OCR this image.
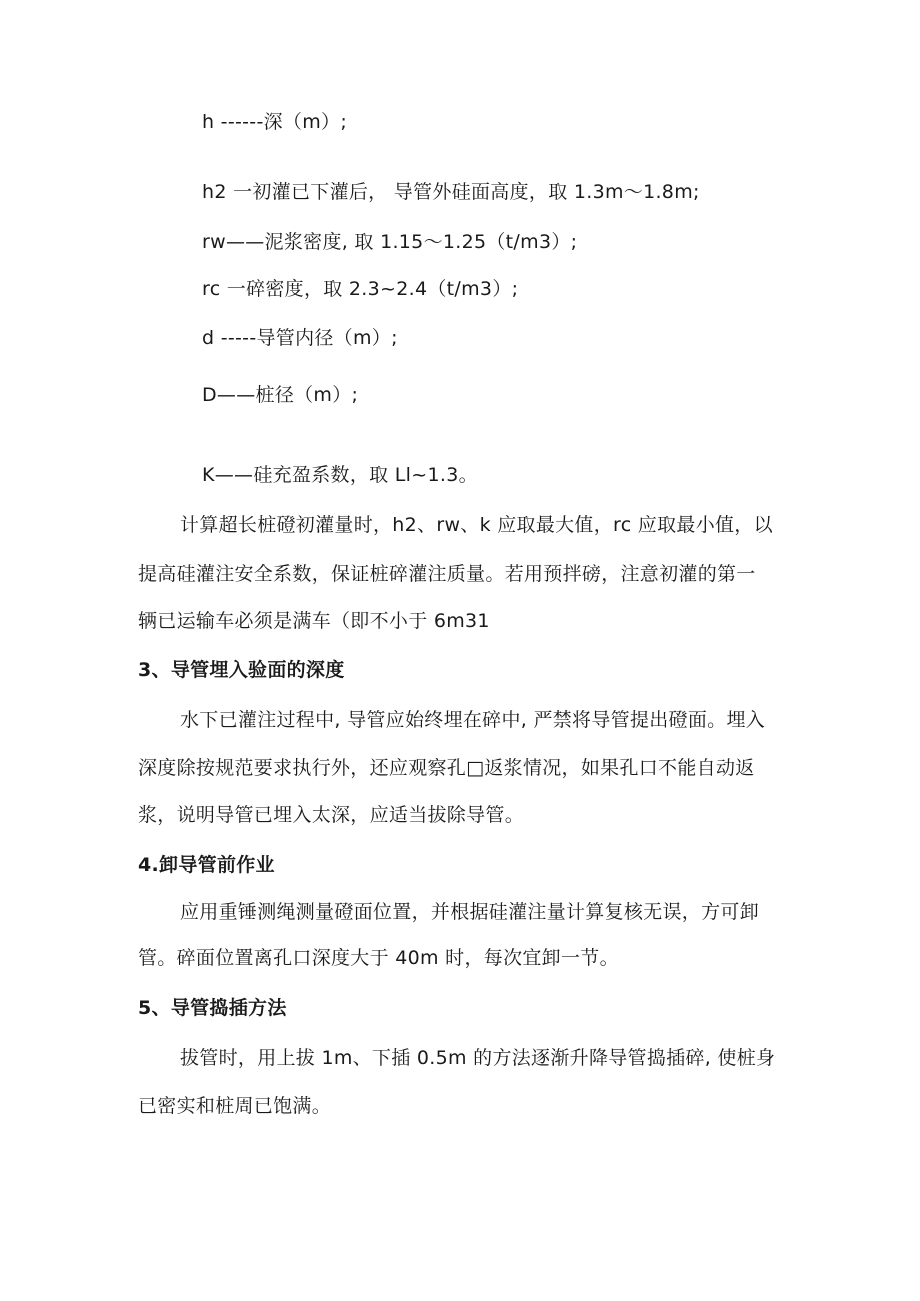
h ------深（m）;
h2 一初灌已下灌后， 导管外硅面高度，取 1.3m～1.8m;
rw——泥浆密度, 取 1.15～1.25（t∕m3）;
rc 一碎密度，取 2.3~2.4（t∕m3）;
d -----导管内径（m）;
D——桩径（m）;
K——硅充盈系数，取 Ll~1.3。
计算超长桩磴初灌量时，h2、rw、k 应取最大值，rc 应取最小值，以
提高硅灌注安全系数，保证桩碎灌注质量。若用预拌磅，注意初灌的第一
辆已运输车必须是满车（即不小于 6m31
3、导管埋入验面的深度
水下已灌注过程中, 导管应始终埋在碎中, 严禁将导管提出磴面。埋入
深度除按规范要求执行外，还应观察孔□返浆情况，如果孔口不能自动返
浆，说明导管已埋入太深，应适当拔除导管。
4.卸导管前作业
应用重锤测绳测量磴面位置，并根据硅灌注量计算复核无误，方可卸
管。碎面位置离孔口深度大于 40m 时，每次宜卸一节。
5、导管捣插方法
拔管时，用上拔 1m、下插 0.5m 的方法逐渐升降导管捣插碎, 使桩身
已密实和桩周已饱满。
